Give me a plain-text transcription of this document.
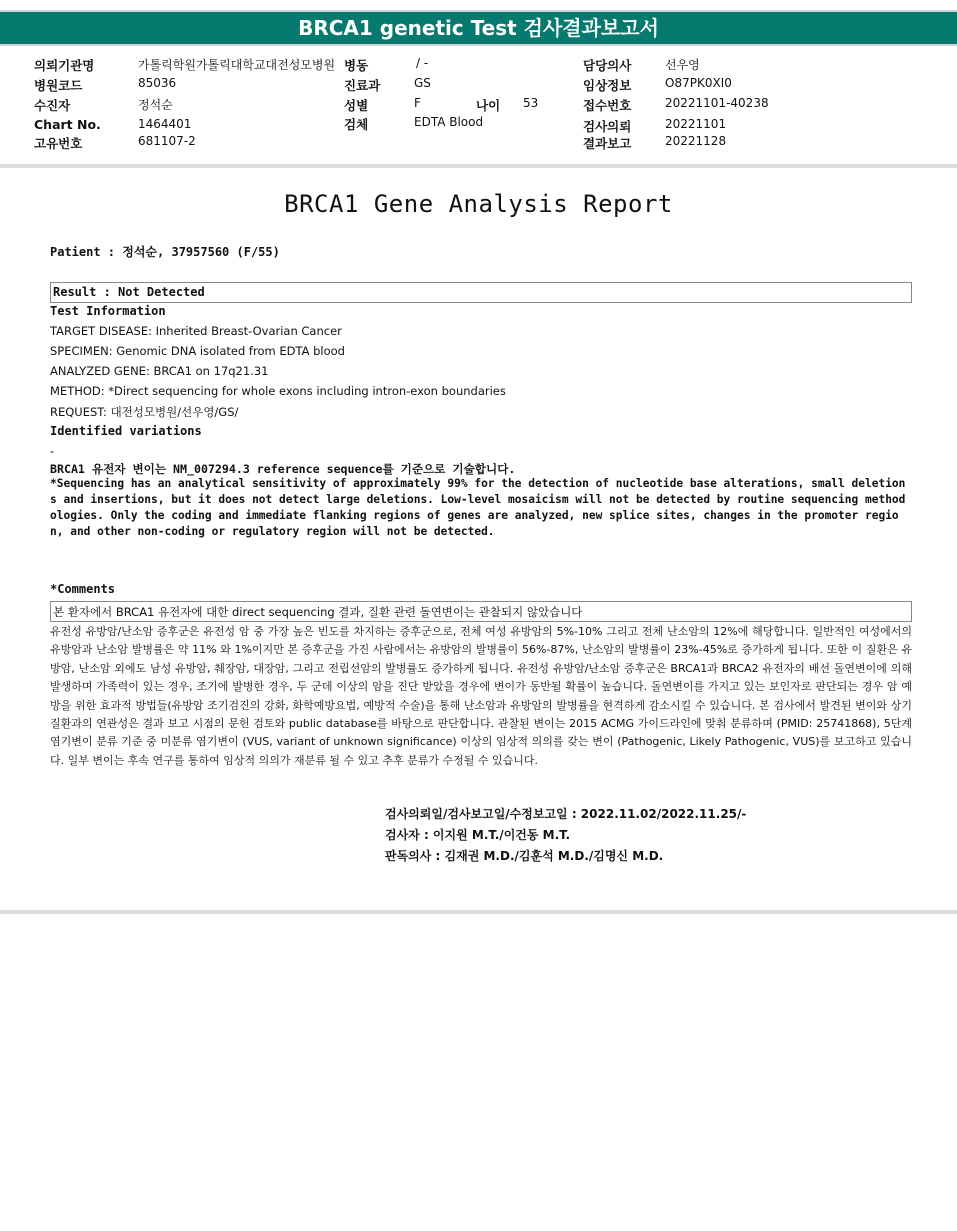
BRCA1 genetic Test 검사결과보고서
의뢰기관명	가톨릭학원가톨릭대학교대전성모병원
병원코드	85036
수진자	정석순
Chart No.	1464401
고유번호	681107-2
병동	/ -
진료과	GS
성별	F	나이 53
검체	EDTA Blood
담당의사	선우영
임상정보	O87PK0XI0
접수번호	20221101-40238
검사의뢰	20221101
결과보고	20221128
BRCA1 Gene Analysis Report
Patient : 정석순, 37957560 (F/55)
Result : Not Detected
Test Information
TARGET DISEASE: Inherited Breast-Ovarian Cancer
SPECIMEN: Genomic DNA isolated from EDTA blood
ANALYZED GENE: BRCA1 on 17q21.31
METHOD: *Direct sequencing for whole exons including intron-exon boundaries
REQUEST: 대전성모병원/선우영/GS/
Identified variations
-
BRCA1 유전자 변이는 NM_007294.3 reference sequence를 기준으로 기술합니다.
*Sequencing has an analytical sensitivity of approximately 99% for the detection of nucleotide base alterations, small deletions and insertions, but it does not detect large deletions. Low-level mosaicism will not be detected by routine sequencing methodologies. Only the coding and immediate flanking regions of genes are analyzed, new splice sites, changes in the promoter region, and other non-coding or regulatory region will not be detected.
*Comments
본 환자에서 BRCA1 유전자에 대한 direct sequencing 결과, 질환 관련 돌연변이는 관찰되지 않았습니다
유전성 유방암/난소암 증후군은 유전성 암 중 가장 높은 빈도를 차지하는 증후군으로, 전체 여성 유방암의 5%-10% 그리고 전체 난소암의 12%에 해당합니다. 일반적인 여성에서의 유방암과 난소암 발병률은 약 11% 와 1%이지만 본 증후군을 가진 사람에서는 유방암의 발병률이 56%-87%, 난소암의 발병률이 23%-45%로 증가하게 됩니다. 또한 이 질환은 유방암, 난소암 외에도 남성 유방암, 췌장암, 대장암, 그리고 전립선암의 발병률도 증가하게 됩니다. 유전성 유방암/난소암 증후군은 BRCA1과 BRCA2 유전자의 배선 돌연변이에 의해 발생하며 가족력이 있는 경우, 조기에 발병한 경우, 두 군데 이상의 암을 진단 받았을 경우에 변이가 동반될 확률이 높습니다. 돌연변이를 가지고 있는 보인자로 판단되는 경우 암 예방을 위한 효과적 방법들(유방암 조기검진의 강화, 화학예방요법, 예방적 수술)을 통해 난소암과 유방암의 발병률을 현격하게 감소시킬 수 있습니다. 본 검사에서 발견된 변이와 상기 질환과의 연관성은 결과 보고 시점의 문헌 검토와 public database를 바탕으로 판단합니다. 관찰된 변이는 2015 ACMG 가이드라인에 맞춰 분류하며 (PMID: 25741868), 5단계 염기변이 분류 기준 중 미분류 염기변이 (VUS, variant of unknown significance) 이상의 임상적 의의를 갖는 변이 (Pathogenic, Likely Pathogenic, VUS)를 보고하고 있습니다. 일부 변이는 후속 연구를 통하여 임상적 의의가 재분류 될 수 있고 추후 분류가 수정될 수 있습니다.
검사의뢰일/검사보고일/수정보고일 : 2022.11.02/2022.11.25/-
검사자 : 이지원 M.T./이건동 M.T.
판독의사 : 김재권 M.D./김훈석 M.D./김명신 M.D.
